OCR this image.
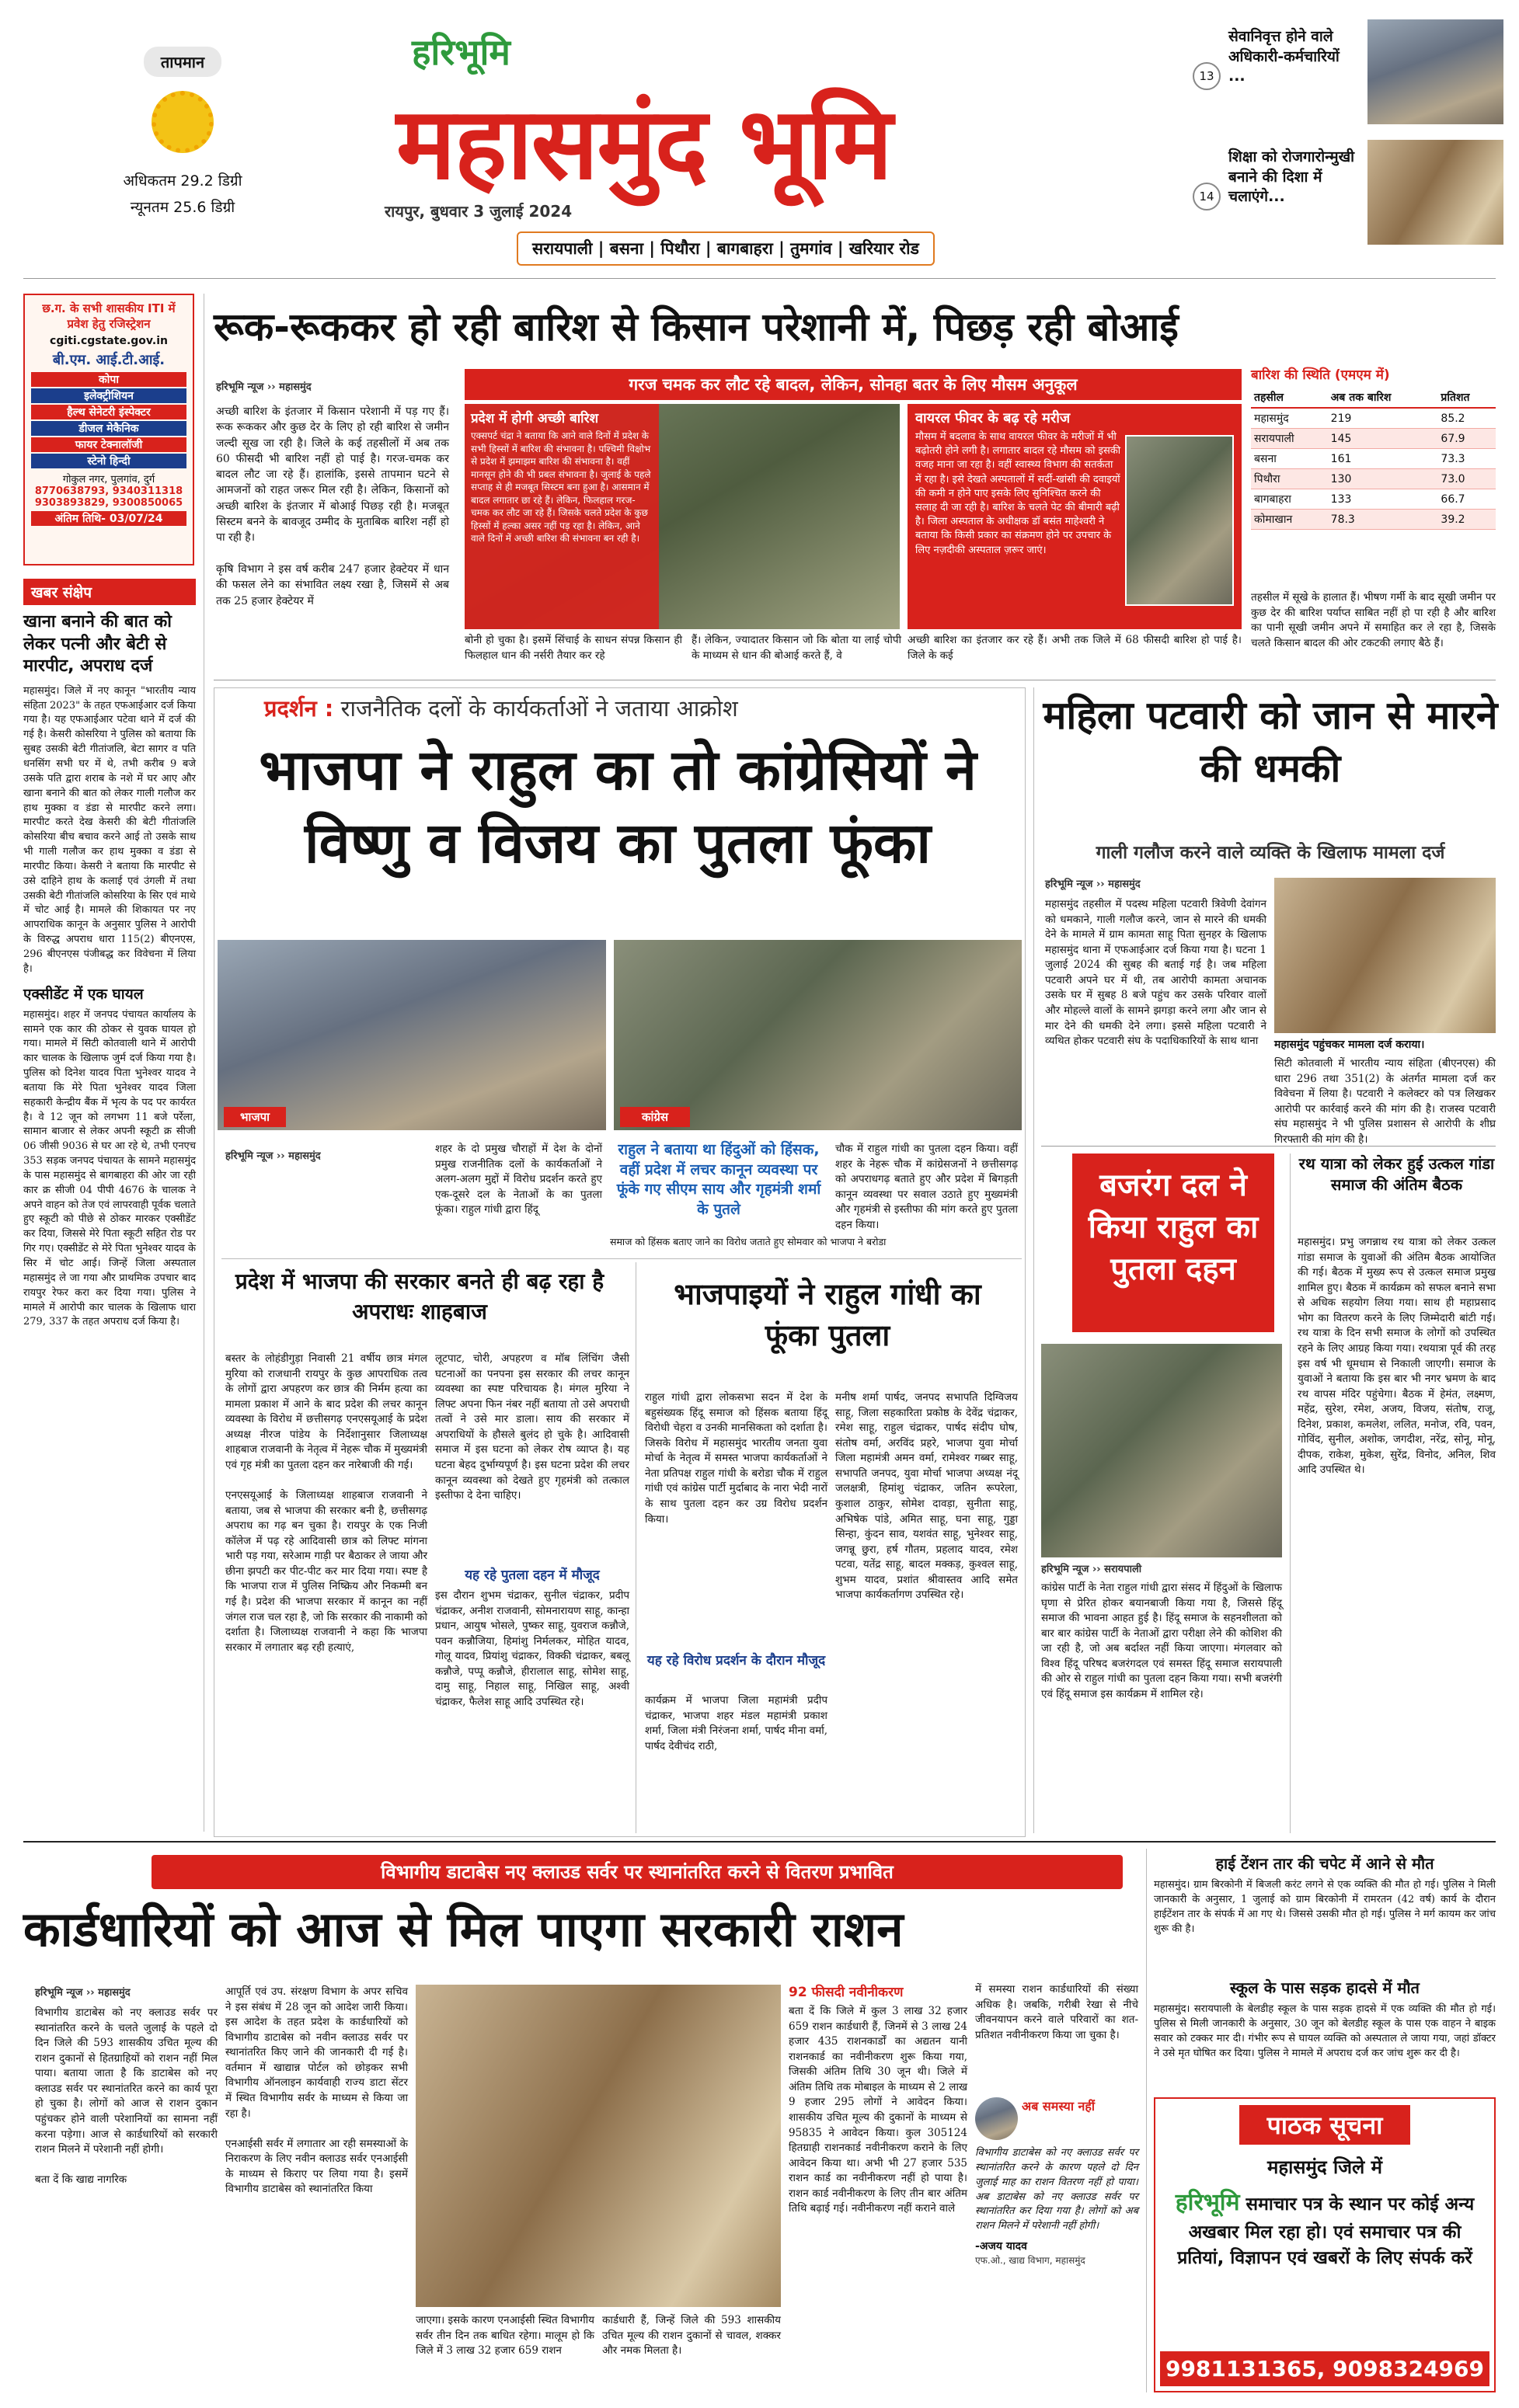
तापमान
अधिकतम 29.2 डिग्री
न्यूनतम 25.6 डिग्री
हरिभूमि
महासमुंद भूमि
रायपुर, बुधवार 3 जुलाई 2024
सरायपाली | बसना | पिथौरा | बागबाहरा | तुमगांव | खरियार रोड
13
सेवानिवृत्त होने वाले अधिकारी-कर्मचारियों ...
14
शिक्षा को रोजगारोन्मुखी बनाने की दिशा में चलाएंगे...
छ.ग. के सभी शासकीय ITI में प्रवेश हेतु रजिस्ट्रेशन
cgiti.cgstate.gov.in
बी.एम. आई.टी.आई.
कोपा
इलेक्ट्रीशियन
हैल्थ सेनेटरी इंस्पेक्टर
डीजल मेकैनिक
फायर टेक्नालॉजी
स्टेनो हिन्दी
गोकुल नगर, पुलगांव, दुर्ग
8770638793, 9340311318 9303893829, 9300850065
अंतिम तिथि- 03/07/24
खबर संक्षेप
खाना बनाने की बात को लेकर पत्नी और बेटी से मारपीट, अपराध दर्ज
महासमुंद। जिले में नए कानून "भारतीय न्याय संहिता 2023" के तहत एफआईआर दर्ज किया गया है। यह एफआईआर पटेवा थाने में दर्ज की गई है। केसरी कोसरिया ने पुलिस को बताया कि सुबह उसकी बेटी गीतांजलि, बेटा सागर व पति धनसिंग सभी घर में थे, तभी करीब 9 बजे उसके पति द्वारा शराब के नशे में घर आए और खाना बनाने की बात को लेकर गाली गलौज कर हाथ मुक्का व डंडा से मारपीट करने लगा। मारपीट करते देख केसरी की बेटी गीतांजलि कोसरिया बीच बचाव करने आई तो उसके साथ भी गाली गलौज कर हाथ मुक्का व डंडा से मारपीट किया। केसरी ने बताया कि मारपीट से उसे दाहिने हाथ के कलाई एवं उंगली में तथा उसकी बेटी गीतांजलि कोसरिया के सिर एवं माथे में चोट आई है। मामले की शिकायत पर नए आपराधिक कानून के अनुसार पुलिस ने आरोपी के विरुद्ध अपराध धारा 115(2) बीएनएस, 296 बीएनएस पंजीबद्ध कर विवेचना में लिया है।
एक्सीडेंट में एक घायल
महासमुंद। शहर में जनपद पंचायत कार्यालय के सामने एक कार की ठोकर से युवक घायल हो गया। मामले में सिटी कोतवाली थाने में आरोपी कार चालक के खिलाफ जुर्म दर्ज किया गया है। पुलिस को दिनेश यादव पिता भुनेश्वर यादव ने बताया कि मेरे पिता भुनेश्वर यादव जिला सहकारी केन्द्रीय बैंक में भृत्य के पद पर कार्यरत है। वे 12 जून को लगभग 11 बजे पर्रेला, सामान बाजार से लेकर अपनी स्कूटी क्र सीजी 06 जीसी 9036 से घर आ रहे थे, तभी एनएच 353 सड़क जनपद पंचायत के सामने महासमुंद के पास महासमुंद से बागबाहरा की ओर जा रही कार क्र सीजी 04 पीपी 4676 के चालक ने अपने वाहन को तेज एवं लापरवाही पूर्वक चलाते हुए स्कूटी को पीछे से ठोकर मारकर एक्सीडेंट कर दिया, जिससे मेरे पिता स्कूटी सहित रोड पर गिर गए। एक्सीडेंट से मेरे पिता भुनेश्वर यादव के सिर में चोट आई। जिन्हें जिला अस्पताल महासमुंद ले जा गया और प्राथमिक उपचार बाद रायपुर रेफर करा कर दिया गया। पुलिस ने मामले में आरोपी कार चालक के खिलाफ धारा 279, 337 के तहत अपराध दर्ज किया है।
रूक-रूककर हो रही बारिश से किसान परेशानी में, पिछड़ रही बोआई
हरिभूमि न्यूज ›› महासमुंद	गरज चमक कर लौट रहे बादल, लेकिन, सोनहा बतर के लिए मौसम अनुकूल
अच्छी बारिश के इंतजार में किसान परेशानी में पड़ गए हैं। रूक रूककर और कुछ देर के लिए हो रही बारिश से जमीन जल्दी सूख जा रही है। जिले के कई तहसीलों में अब तक 60 फीसदी भी बारिश नहीं हो पाई है। गरज-चमक कर बादल लौट जा रहे हैं। हालांकि, इससे तापमान घटने से आमजनों को राहत जरूर मिल रही है। लेकिन, किसानों को अच्छी बारिश के इंतजार में बोआई पिछड़ रही है। मजबूत सिस्टम बनने के बावजूद उम्मीद के मुताबिक बारिश नहीं हो पा रही है।

कृषि विभाग ने इस वर्ष करीब 247 हजार हेक्टेयर में धान की फसल लेने का संभावित लक्ष्य रखा है, जिसमें से अब तक 25 हजार हेक्टेयर में
प्रदेश में होगी अच्छी बारिश
एक्सपर्ट चंद्रा ने बताया कि आने वाले दिनों में प्रदेश के सभी हिस्सों में बारिश की संभावना है। पश्चिमी विक्षोभ से प्रदेश में झमाझम बारिश की संभावना है। वहीं मानसून होने की भी प्रबल संभावना है। जुलाई के पहले सप्ताह से ही मजबूत सिस्टम बना हुआ है। आसमान में बादल लगातार छा रहे हैं। लेकिन, फिलहाल गरज-चमक कर लौट जा रहे हैं। जिसके चलते प्रदेश के कुछ हिस्सों में हल्का असर नहीं पड़ रहा है। लेकिन, आने वाले दिनों में अच्छी बारिश की संभावना बन रही है।
बोनी हो चुका है। इसमें सिंचाई के साधन संपन्न किसान ही फिलहाल धान की नर्सरी तैयार कर रहे
हैं। लेकिन, ज्यादातर किसान जो कि बोता या लाई चोपी के माध्यम से धान की बोआई करते हैं, वे
वायरल फीवर के बढ़ रहे मरीज
मौसम में बदलाव के साथ वायरल फीवर के मरीजों में भी बढ़ोतरी होने लगी है। लगातार बादल रहे मौसम को इसकी वजह माना जा रहा है। वहीं स्वास्थ्य विभाग की सतर्कता में रहा है। इसे देखते अस्पतालों में सर्दी-खांसी की दवाइयों की कमी न होने पाए इसके लिए सुनिश्चित करने की सलाह दी जा रही है। बारिश के चलते पेट की बीमारी बढ़ी है। जिला अस्पताल के अधीक्षक डॉ बसंत माहेश्वरी ने बताया कि किसी प्रकार का संक्रमण होने पर उपचार के लिए नज़दीकी अस्पताल ज़रूर जाएं।
अच्छी बारिश का इंतजार कर रहे हैं। अभी तक जिले में 68 फीसदी बारिश हो पाई है। जिले के कई
बारिश की स्थिति (एमएम में)
तहसील	अब तक बारिश	प्रतिशत
महासमुंद	219	85.2
सरायपाली	145	67.9
बसना	161	73.3
पिथौरा	130	73.0
बागबाहरा	133	66.7
कोमाखान	78.3	39.2
तहसील में सूखे के हालात हैं। भीषण गर्मी के बाद सूखी जमीन पर कुछ देर की बारिश पर्याप्त साबित नहीं हो पा रही है और बारिश का पानी सूखी जमीन अपने में समाहित कर ले रहा है, जिसके चलते किसान बादल की ओर टकटकी लगाए बैठे हैं।
प्रदर्शन : राजनैतिक दलों के कार्यकर्ताओं ने जताया आक्रोश
भाजपा ने राहुल का तो कांग्रेसियों ने विष्णु व विजय का पुतला फूंका
भाजपा	कांग्रेस
हरिभूमि न्यूज ›› महासमुंद
शहर के दो प्रमुख चौराहों में देश के दोनों प्रमुख राजनीतिक दलों के कार्यकर्ताओं ने अलग-अलग मुद्दों में विरोध प्रदर्शन करते हुए एक-दूसरे दल के नेताओं के का पुतला फूंका। राहुल गांधी द्वारा हिंदू
राहुल ने बताया था हिंदुओं को हिंसक, वहीं प्रदेश में लचर कानून व्यवस्था पर फूंके गए सीएम साय और गृहमंत्री शर्मा के पुतले
समाज को हिंसक बताए जाने का विरोध जताते हुए सोमवार को भाजपा ने बरोडा
चौक में राहुल गांधी का पुतला दहन किया। वहीं शहर के नेहरू चौक में कांग्रेसजनों ने छत्तीसगढ़ को अपराधगढ़ बताते हुए और प्रदेश में बिगड़ती कानून व्यवस्था पर सवाल उठाते हुए मुख्यमंत्री और गृहमंत्री से इस्तीफा की मांग करते हुए पुतला दहन किया।
प्रदेश में भाजपा की सरकार बनते ही बढ़ रहा है अपराधः शाहबाज
बस्तर के लोहंडीगुड़ा निवासी 21 वर्षीय छात्र मंगल मुरिया को राजधानी रायपुर के कुछ आपराधिक तत्व के लोगों द्वारा अपहरण कर छात्र की निर्मम हत्या का मामला प्रकाश में आने के बाद प्रदेश की लचर कानून व्यवस्था के विरोध में छत्तीसगढ़ एनएसयूआई के प्रदेश अध्यक्ष नीरज पांडेय के निर्देशानुसार जिलाध्यक्ष शाहबाज राजवानी के नेतृत्व में नेहरू चौक में मुख्यमंत्री एवं गृह मंत्री का पुतला दहन कर नारेबाजी की गई।

एनएसयूआई के जिलाध्यक्ष शाहबाज राजवानी ने बताया, जब से भाजपा की सरकार बनी है, छत्तीसगढ़ अपराध का गढ़ बन चुका है। रायपुर के एक निजी कॉलेज में पढ़ रहे आदिवासी छात्र को लिफ्ट मांगना भारी पड़ गया, सरेआम गाड़ी पर बैठाकर ले जाया और छीना झपटी कर पीट-पीट कर मार दिया गया। स्पष्ट है कि भाजपा राज में पुलिस निष्क्रिय और निकम्मी बन गई है। प्रदेश की भाजपा सरकार में कानून का नहीं जंगल राज चल रहा है, जो कि सरकार की नाकामी को दर्शाता है। जिलाध्यक्ष राजवानी ने कहा कि भाजपा सरकार में लगातार बढ़ रही हत्याएं,
लूटपाट, चोरी, अपहरण व मॉब लिंचिंग जैसी घटनाओं का पनपना इस सरकार की लचर कानून व्यवस्था का स्पष्ट परिचायक है। मंगल मुरिया ने लिफ्ट अपना फिन नंबर नहीं बताया तो उसे अपराधी तत्वों ने उसे मार डाला। साय की सरकार में अपराधियों के हौसले बुलंद हो चुके है। आदिवासी समाज में इस घटना को लेकर रोष व्याप्त है। यह घटना बेहद दुर्भाग्यपूर्ण है। इस घटना प्रदेश की लचर कानून व्यवस्था को देखते हुए गृहमंत्री को तत्काल इस्तीफा दे देना चाहिए।
यह रहे पुतला दहन में मौजूद
इस दौरान शुभम चंद्राकर, सुनील चंद्राकर, प्रदीप चंद्राकर, अनीश राजवानी, सोमनारायण साहू, कान्हा प्रधान, आयुष भोसले, पुष्कर साहू, युवराज कन्नौजे, पवन कन्नौजिया, हिमांशु निर्मलकर, मोहित यादव, गोलू यादव, प्रियांशु चंद्राकर, विक्की चंद्राकर, बबलू कन्नौजे, पप्पू कन्नौजे, हीरालाल साहू, सोमेश साहू, दामु साहू, निहाल साहू, निखिल साहू, अश्वी चंद्राकर, फैलेश साहू आदि उपस्थित रहे।
भाजपाइयों ने राहुल गांधी का फूंका पुतला
राहुल गांधी द्वारा लोकसभा सदन में देश के बहुसंख्यक हिंदू समाज को हिंसक बताया हिंदू विरोधी चेहरा व उनकी मानसिकता को दर्शाता है। जिसके विरोध में महासमुंद भारतीय जनता युवा मोर्चा के नेतृत्व में समस्त भाजपा कार्यकर्ताओं ने नेता प्रतिपक्ष राहुल गांधी के बरोडा चौक में राहुल गांधी एवं कांग्रेस पार्टी मुर्दाबाद के नारा भेदी नारों के साथ पुतला दहन कर उग्र विरोध प्रदर्शन किया।
यह रहे विरोध प्रदर्शन के दौरान मौजूद
कार्यक्रम में भाजपा जिला महामंत्री प्रदीप चंद्राकर, भाजपा शहर मंडल महामंत्री प्रकाश शर्मा, जिला मंत्री निरंजना शर्मा, पार्षद मीना वर्मा, पार्षद देवीचंद राठी,
मनीष शर्मा पार्षद, जनपद सभापति दिग्विजय साहू, जिला सहकारिता प्रकोष्ठ के देवेंद्र चंद्राकर, रमेश साहू, राहुल चंद्राकर, पार्षद संदीप घोष, संतोष वर्मा, अरविंद प्रहरे, भाजपा युवा मोर्चा जिला महामंत्री अमन वर्मा, रामेश्वर गब्बर साहू, सभापति जनपद, युवा मोर्चा भाजपा अध्यक्ष नंदू जलक्षत्री, हिमांशु चंद्राकर, जतिन रूपरेला, कुशाल ठाकुर, सोमेश दावड़ा, सुनीता साहू, अभिषेक पांडे, अमित साहू, घना साहू, गुड्डा सिन्हा, कुंदन साव, यशवंत साहू, भुनेश्वर साहू, जगन्नू छुरा, हर्ष गौतम, प्रहलाद यादव, रमेश पटवा, यतेंद्र साहू, बादल मक्कड़, कुश्वल साहू, शुभम यादव, प्रशांत श्रीवास्तव आदि समेत भाजपा कार्यकर्तागण उपस्थित रहे।
महिला पटवारी को जान से मारने की धमकी
गाली गलौज करने वाले व्यक्ति के खिलाफ मामला दर्ज
हरिभूमि न्यूज ›› महासमुंद
महासमुंद तहसील में पदस्थ महिला पटवारी त्रिवेणी देवांगन को धमकाने, गाली गलौज करने, जान से मारने की धमकी देने के मामले में ग्राम कामता साहू पिता सुनहर के खिलाफ महासमुंद थाना में एफआईआर दर्ज किया गया है। घटना 1 जुलाई 2024 की सुबह की बताई गई है। जब महिला पटवारी अपने घर में थी, तब आरोपी कामता अचानक उसके घर में सुबह 8 बजे पहुंच कर उसके परिवार वालों और मोहल्ले वालों के सामने झगड़ा करने लगा और जान से मार देने की धमकी देने लगा। इससे महिला पटवारी ने व्यथित होकर पटवारी संघ के पदाधिकारियों के साथ थाना	महासमुंद पहुंचकर मामला दर्ज कराया।
सिटी कोतवाली में भारतीय न्याय संहिता (बीएनएस) की धारा 296 तथा 351(2) के अंतर्गत मामला दर्ज कर विवेचना में लिया है। पटवारी ने कलेक्टर को पत्र लिखकर आरोपी पर कार्रवाई करने की मांग की है। राजस्व पटवारी संघ महासमुंद ने भी पुलिस प्रशासन से आरोपी के शीघ्र गिरफ्तारी की मांग की है।
बजरंग दल ने किया राहुल का पुतला दहन
हरिभूमि न्यूज ›› सरायपाली
कांग्रेस पार्टी के नेता राहुल गांधी द्वारा संसद में हिंदुओं के खिलाफ घृणा से प्रेरित होकर बयानबाजी किया गया है, जिससे हिंदू समाज की भावना आहत हुई है। हिंदू समाज के सहनशीलता को बार बार कांग्रेस पार्टी के नेताओं द्वारा परीक्षा लेने की कोशिश की जा रही है, जो अब बर्दाश्त नहीं किया जाएगा। मंगलवार को विश्व हिंदू परिषद बजरंगदल एवं समस्त हिंदू समाज सरायपाली की ओर से राहुल गांधी का पुतला दहन किया गया। सभी बजरंगी एवं हिंदू समाज इस कार्यक्रम में शामिल रहे।
रथ यात्रा को लेकर हुई उत्कल गांडा समाज की अंतिम बैठक
महासमुंद। प्रभु जगन्नाथ रथ यात्रा को लेकर उत्कल गांडा समाज के युवाओं की अंतिम बैठक आयोजित की गई। बैठक में मुख्य रूप से उत्कल समाज प्रमुख शामिल हुए। बैठक में कार्यक्रम को सफल बनाने सभा से अधिक सहयोग लिया गया। साथ ही महाप्रसाद भोग का वितरण करने के लिए जिम्मेदारी बांटी गई। रथ यात्रा के दिन सभी समाज के लोगों को उपस्थित रहने के लिए आग्रह किया गया। रथयात्रा पूर्व की तरह इस वर्ष भी धूमधाम से निकाली जाएगी। समाज के युवाओं ने बताया कि इस बार भी नगर भ्रमण के बाद रथ वापस मंदिर पहुंचेगा। बैठक में हेमंत, लक्ष्मण, महेंद्र, सुरेश, रमेश, अजय, विजय, संतोष, राजू, दिनेश, प्रकाश, कमलेश, ललित, मनोज, रवि, पवन, गोविंद, सुनील, अशोक, जगदीश, नरेंद्र, सोनू, मोनू, दीपक, राकेश, मुकेश, सुरेंद्र, विनोद, अनिल, शिव आदि उपस्थित थे।
विभागीय डाटाबेस नए क्लाउड सर्वर पर स्थानांतरित करने से वितरण प्रभावित
कार्डधारियों को आज से मिल पाएगा सरकारी राशन
हरिभूमि न्यूज ›› महासमुंद
विभागीय डाटाबेस को नए क्लाउड सर्वर पर स्थानांतरित करने के चलते जुलाई के पहले दो दिन जिले की 593 शासकीय उचित मूल्य की राशन दुकानों से हितग्राहियों को राशन नहीं मिल पाया। बताया जाता है कि डाटाबेस को नए क्लाउड सर्वर पर स्थानांतरित करने का कार्य पूरा हो चुका है। लोगों को आज से राशन दुकान पहुंचकर होने वाली परेशानियों का सामना नहीं करना पड़ेगा। आज से कार्डधारियों को सरकारी राशन मिलने में परेशानी नहीं होगी।

बता दें कि खाद्य नागरिक
आपूर्ति एवं उप. संरक्षण विभाग के अपर सचिव ने इस संबंध में 28 जून को आदेश जारी किया। इस आदेश के तहत प्रदेश के कार्डधारियों को विभागीय डाटाबेस को नवीन क्लाउड सर्वर पर स्थानांतरित किए जाने की जानकारी दी गई है। वर्तमान में खाद्यान्न पोर्टल को छोड़कर सभी विभागीय ऑनलाइन कार्यवाही राज्य डाटा सेंटर में स्थित विभागीय सर्वर के माध्यम से किया जा रहा है।

एनआईसी सर्वर में लगातार आ रही समस्याओं के निराकरण के लिए नवीन क्लाउड सर्वर एनआईसी के माध्यम से किराए पर लिया गया है। इसमें विभागीय डाटाबेस को स्थानांतरित किया
जाएगा। इसके कारण एनआईसी स्थित विभागीय सर्वर तीन दिन तक बाधित रहेगा। मालूम हो कि जिले में 3 लाख 32 हजार 659 राशन
कार्डधारी हैं, जिन्हें जिले की 593 शासकीय उचित मूल्य की राशन दुकानों से चावल, शक्कर और नमक मिलता है।
92 फीसदी नवीनीकरण
बता दें कि जिले में कुल 3 लाख 32 हजार 659 राशन कार्डधारी हैं, जिनमें से 3 लाख 24 हजार 435 राशनकार्डों का अद्यतन यानी राशनकार्ड का नवीनीकरण शुरू किया गया, जिसकी अंतिम तिथि 30 जून थी। जिले में अंतिम तिथि तक मोबाइल के माध्यम से 2 लाख 9 हजार 295 लोगों ने आवेदन किया। शासकीय उचित मूल्य की दुकानों के माध्यम से 95835 ने आवेदन किया। कुल 305124 हितग्राही राशनकार्ड नवीनीकरण कराने के लिए आवेदन किया था। अभी भी 27 हजार 535 राशन कार्ड का नवीनीकरण नहीं हो पाया है। राशन कार्ड नवीनीकरण के लिए तीन बार अंतिम तिथि बढ़ाई गई। नवीनीकरण नहीं कराने वाले
में समस्या राशन कार्डधारियों की संख्या अधिक है। जबकि, गरीबी रेखा से नीचे जीवनयापन करने वाले परिवारों का शत-प्रतिशत नवीनीकरण किया जा चुका है।
अब समस्या नहीं
विभागीय डाटाबेस को नए क्लाउड सर्वर पर स्थानांतरित करने के कारण पहले दो दिन जुलाई माह का राशन वितरण नहीं हो पाया। अब डाटाबेस को नए क्लाउड सर्वर पर स्थानांतरित कर दिया गया है। लोगों को अब राशन मिलने में परेशानी नहीं होगी।
-अजय यादव
एफ.ओ., खाद्य विभाग, महासमुंद
हाई टेंशन तार की चपेट में आने से मौत
महासमुंद। ग्राम बिरकोनी में बिजली करंट लगने से एक व्यक्ति की मौत हो गई। पुलिस ने मिली जानकारी के अनुसार, 1 जुलाई को ग्राम बिरकोनी में रामरतन (42 वर्ष) कार्य के दौरान हाईटेंशन तार के संपर्क में आ गए थे। जिससे उसकी मौत हो गई। पुलिस ने मर्ग कायम कर जांच शुरू की है।
स्कूल के पास सड़क हादसे में मौत
महासमुंद। सरायपाली के बेलडीह स्कूल के पास सड़क हादसे में एक व्यक्ति की मौत हो गई। पुलिस से मिली जानकारी के अनुसार, 30 जून को बेलडीह स्कूल के पास एक वाहन ने बाइक सवार को टक्कर मार दी। गंभीर रूप से घायल व्यक्ति को अस्पताल ले जाया गया, जहां डॉक्टर ने उसे मृत घोषित कर दिया। पुलिस ने मामले में अपराध दर्ज कर जांच शुरू कर दी है।
पाठक सूचना
महासमुंद जिले में
हरिभूमि समाचार पत्र के स्थान पर कोई अन्य अखबार मिल रहा हो। एवं समाचार पत्र की प्रतियां, विज्ञापन एवं खबरों के लिए संपर्क करें
9981131365, 9098324969
